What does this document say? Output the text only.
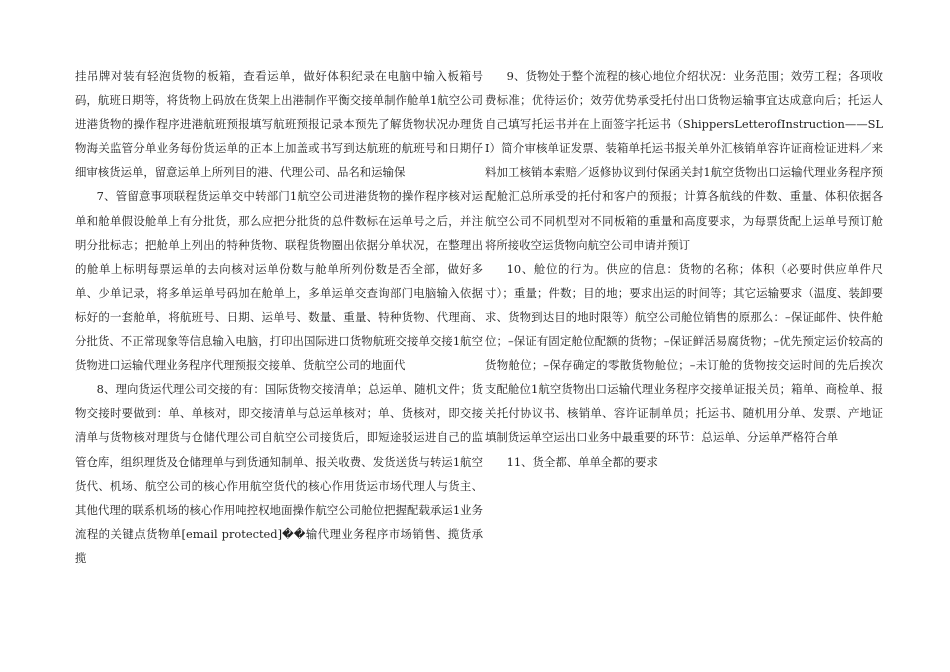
挂吊牌对装有轻泡货物的板箱，查看运单，做好体积纪录在电脑中输入板箱号码，航班日期等，将货物上码放在货架上出港制作平衡交接单制作舱单1航空公司进港货物的操作程序进港航班预报填写航班预报记录本预先了解货物状况办理货物海关监管分单业务每份货运单的正本上加盖或书写到达航班的航班号和日期仔细审核货运单，留意运单上所列目的港、代理公司、品名和运输保

7、管留意事项联程货运单交中转部门1航空公司进港货物的操作程序核对运单和舱单假设舱单上有分批货，那么应把分批货的总件数标在运单号之后，并注明分批标志；把舱单上列出的特种货物、联程货物圈出依据分单状况，在整理出的舱单上标明每票运单的去向核对运单份数与舱单所列份数是否全部，做好多单、少单记录，将多单运单号码加在舱单上，多单运单交查询部门电脑输入依据标好的一套舱单，将航班号、日期、运单号、数量、重量、特种货物、代理商、分批货、不正常现象等信息输入电脑，打印出国际进口货物航班交接单交接1航空货物进口运输代理业务程序代理预报交接单、货航空公司的地面代

8、理向货运代理公司交接的有：国际货物交接清单；总运单、随机文件；货物交接时要做到：单、单核对，即交接清单与总运单核对；单、货核对，即交接清单与货物核对理货与仓储代理公司自航空公司接货后，即短途驳运进自己的监管仓库，组织理货及仓储理单与到货通知制单、报关收费、发货送货与转运1航空货代、机场、航空公司的核心作用航空货代的核心作用货运市场代理人与货主、其他代理的联系机场的核心作用吨控权地面操作航空公司舱位把握配载承运1业务流程的关键点货物单[email protected]��输代理业务程序市场销售、揽货承揽

9、货物处于整个流程的核心地位介绍状况：业务范围；效劳工程；各项收费标准；优待运价；效劳优势承受托付出口货物运输事宜达成意向后；托运人自己填写托运书并在上面签字托运书（ShippersLetterofInstruction——SLI）简介审核单证发票、装箱单托运书报关单外汇核销单容许证商检证进料／来料加工核销本索赔／返修协议到付保函关封1航空货物出口运输代理业务程序预配舱汇总所承受的托付和客户的预报；计算各航线的件数、重量、体积依据各航空公司不同机型对不同板箱的重量和高度要求，为每票货配上运单号预订舱将所接收空运货物向航空公司申请并预订

10、舱位的行为。供应的信息：货物的名称；体积（必要时供应单件尺寸）；重量；件数；目的地；要求出运的时间等；其它运输要求（温度、装卸要求、货物到达目的地时限等）航空公司舱位销售的原那么：–保证邮件、快件舱位；–保证有固定舱位配额的货物；–保证鲜活易腐货物；–优先预定运价较高的货物舱位；–保存确定的零散货物舱位；–未订舱的货物按交运时间的先后挨次支配舱位1航空货物出口运输代理业务程序交接单证报关员；箱单、商检单、报关托付协议书、核销单、容许证制单员；托运书、随机用分单、发票、产地证填制货运单空运出口业务中最重要的环节：总运单、分运单严格符合单

11、货全都、单单全都的要求
